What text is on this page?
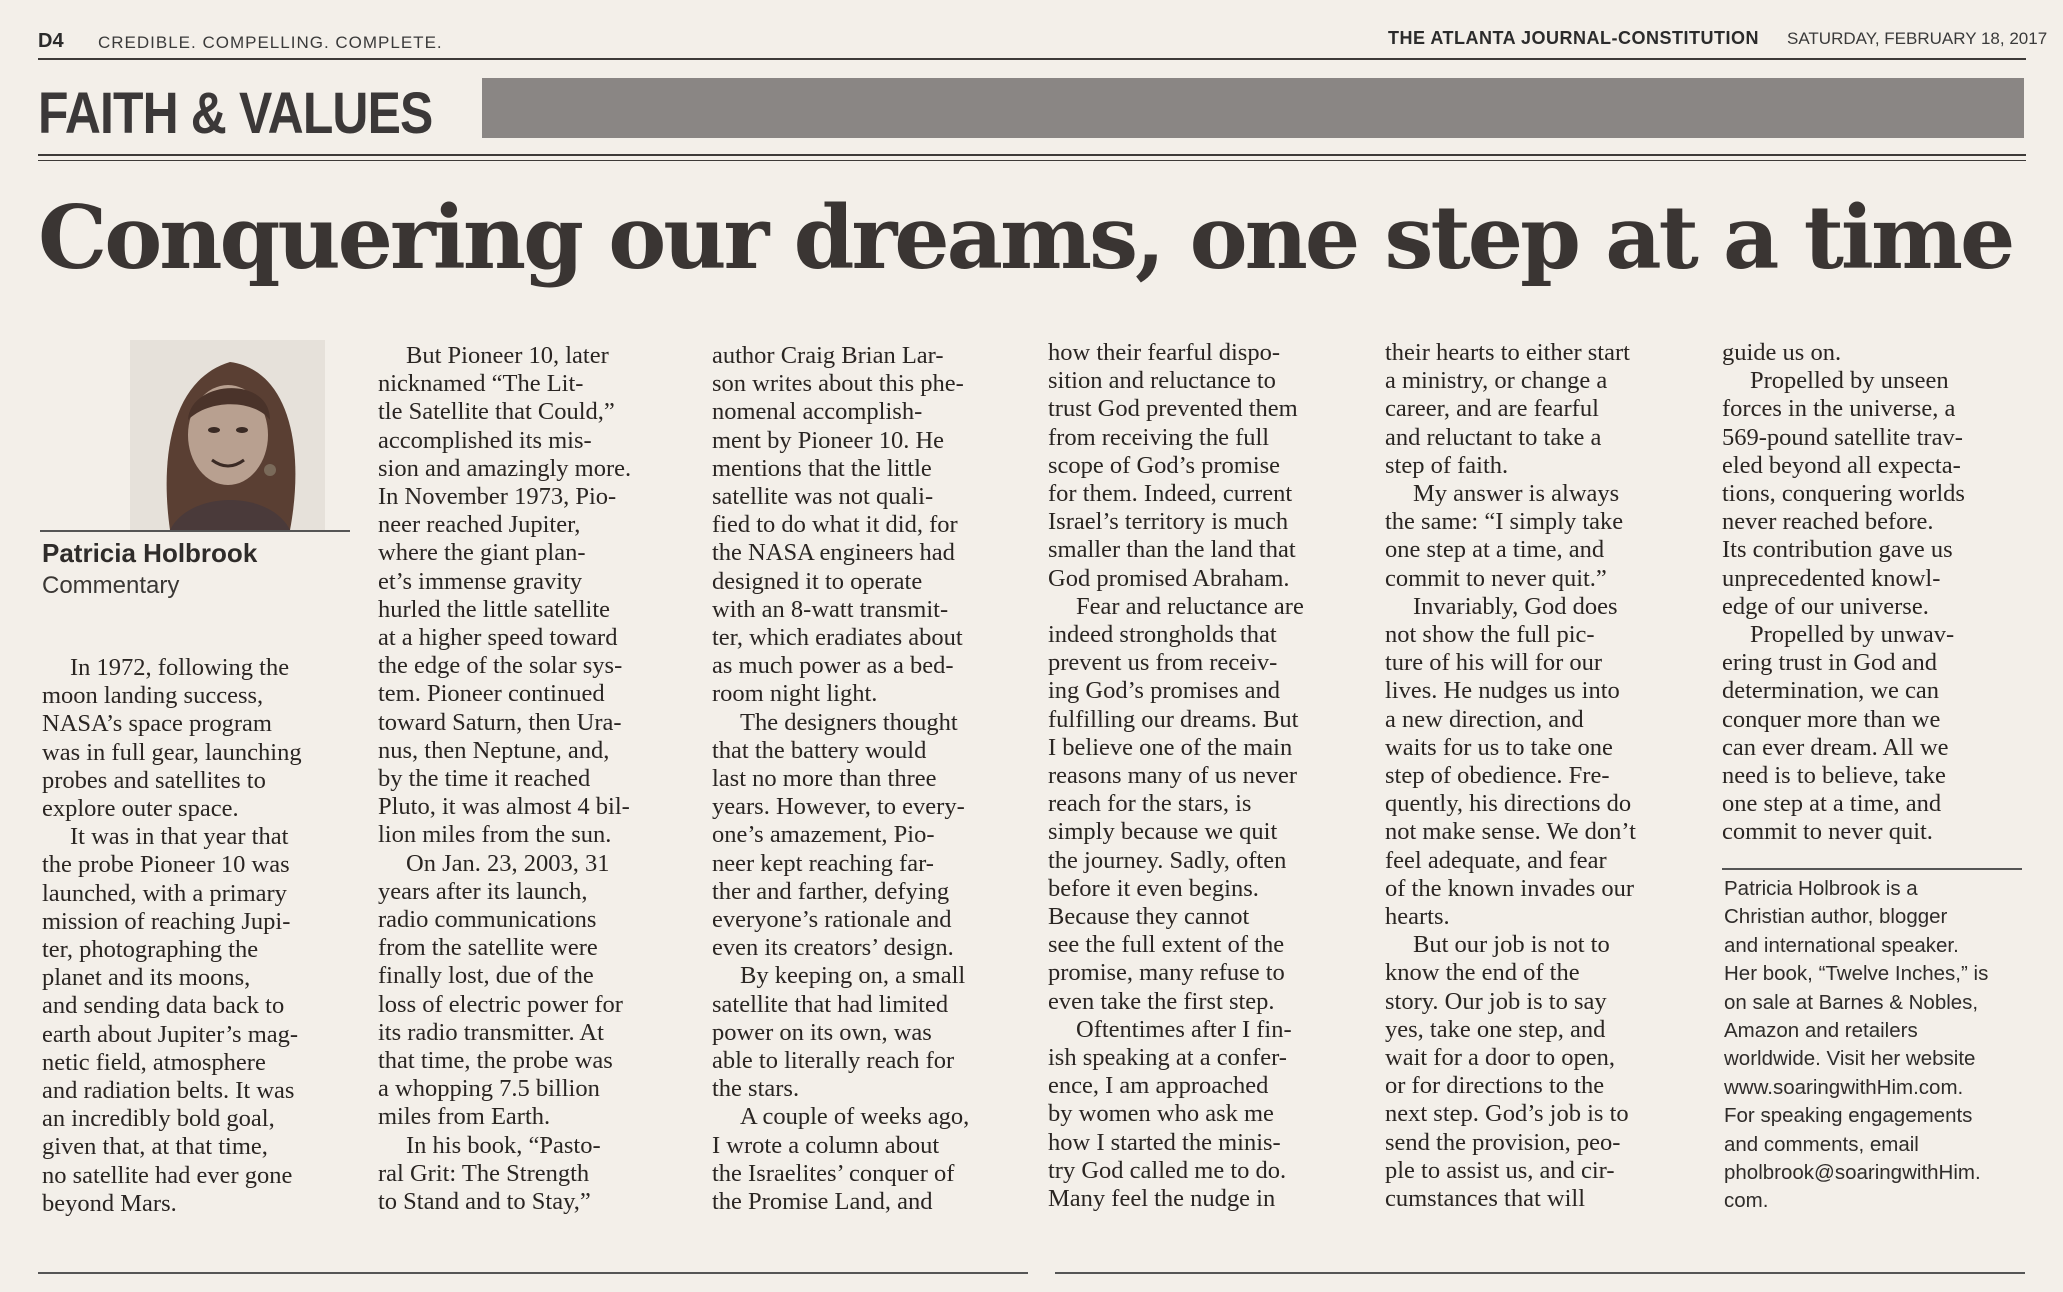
D4 CREDIBLE. COMPELLING. COMPLETE.	THE ATLANTA JOURNAL-CONSTITUTION SATURDAY, FEBRUARY 18, 2017
FAITH & VALUES
Conquering our dreams, one step at a time
Patricia Holbrook
Commentary

In 1972, following the
moon landing success,
NASA’s space program
was in full gear, launching
probes and satellites to
explore outer space.

It was in that year that
the probe Pioneer 10 was
launched, with a primary
mission of reaching Jupi-
ter, photographing the
planet and its moons,
and sending data back to
earth about Jupiter’s mag-
netic field, atmosphere
and radiation belts. It was
an incredibly bold goal,
given that, at that time,
no satellite had ever gone
beyond Mars.

But Pioneer 10, later
nicknamed “The Lit-
tle Satellite that Could,”
accomplished its mis-
sion and amazingly more.
In November 1973, Pio-
neer reached Jupiter,
where the giant plan-
et’s immense gravity
hurled the little satellite
at a higher speed toward
the edge of the solar sys-
tem. Pioneer continued
toward Saturn, then Ura-
nus, then Neptune, and,
by the time it reached
Pluto, it was almost 4 bil-
lion miles from the sun.

On Jan. 23, 2003, 31
years after its launch,
radio communications
from the satellite were
finally lost, due of the
loss of electric power for
its radio transmitter. At
that time, the probe was
a whopping 7.5 billion
miles from Earth.

In his book, “Pasto-
ral Grit: The Strength
to Stand and to Stay,”

author Craig Brian Lar-
son writes about this phe-
nomenal accomplish-
ment by Pioneer 10. He
mentions that the little
satellite was not quali-
fied to do what it did, for
the NASA engineers had
designed it to operate
with an 8-watt transmit-
ter, which eradiates about
as much power as a bed-
room night light.

The designers thought
that the battery would
last no more than three
years. However, to every-
one’s amazement, Pio-
neer kept reaching far-
ther and farther, defying
everyone’s rationale and
even its creators’ design.

By keeping on, a small
satellite that had limited
power on its own, was
able to literally reach for
the stars.

A couple of weeks ago,
I wrote a column about
the Israelites’ conquer of
the Promise Land, and

how their fearful dispo-
sition and reluctance to
trust God prevented them
from receiving the full
scope of God’s promise
for them. Indeed, current
Israel’s territory is much
smaller than the land that
God promised Abraham.

Fear and reluctance are
indeed strongholds that
prevent us from receiv-
ing God’s promises and
fulfilling our dreams. But
I believe one of the main
reasons many of us never
reach for the stars, is
simply because we quit
the journey. Sadly, often
before it even begins.
Because they cannot
see the full extent of the
promise, many refuse to
even take the first step.

Oftentimes after I fin-
ish speaking at a confer-
ence, I am approached
by women who ask me
how I started the minis-
try God called me to do.
Many feel the nudge in

their hearts to either start
a ministry, or change a
career, and are fearful
and reluctant to take a
step of faith.

My answer is always
the same: “I simply take
one step at a time, and
commit to never quit.”

Invariably, God does
not show the full pic-
ture of his will for our
lives. He nudges us into
a new direction, and
waits for us to take one
step of obedience. Fre-
quently, his directions do
not make sense. We don’t
feel adequate, and fear
of the known invades our
hearts.

But our job is not to
know the end of the
story. Our job is to say
yes, take one step, and
wait for a door to open,
or for directions to the
next step. God’s job is to
send the provision, peo-
ple to assist us, and cir-
cumstances that will

guide us on.

Propelled by unseen
forces in the universe, a
569-pound satellite trav-
eled beyond all expecta-
tions, conquering worlds
never reached before.
Its contribution gave us
unprecedented knowl-
edge of our universe.

Propelled by unwav-
ering trust in God and
determination, we can
conquer more than we
can ever dream. All we
need is to believe, take
one step at a time, and
commit to never quit.

Patricia Holbrook is a
Christian author, blogger
and international speaker.
Her book, “Twelve Inches,” is
on sale at Barnes & Nobles,
Amazon and retailers
worldwide. Visit her website
www.soaringwithHim.com.
For speaking engagements
and comments, email
pholbrook@soaringwithHim.
com.
